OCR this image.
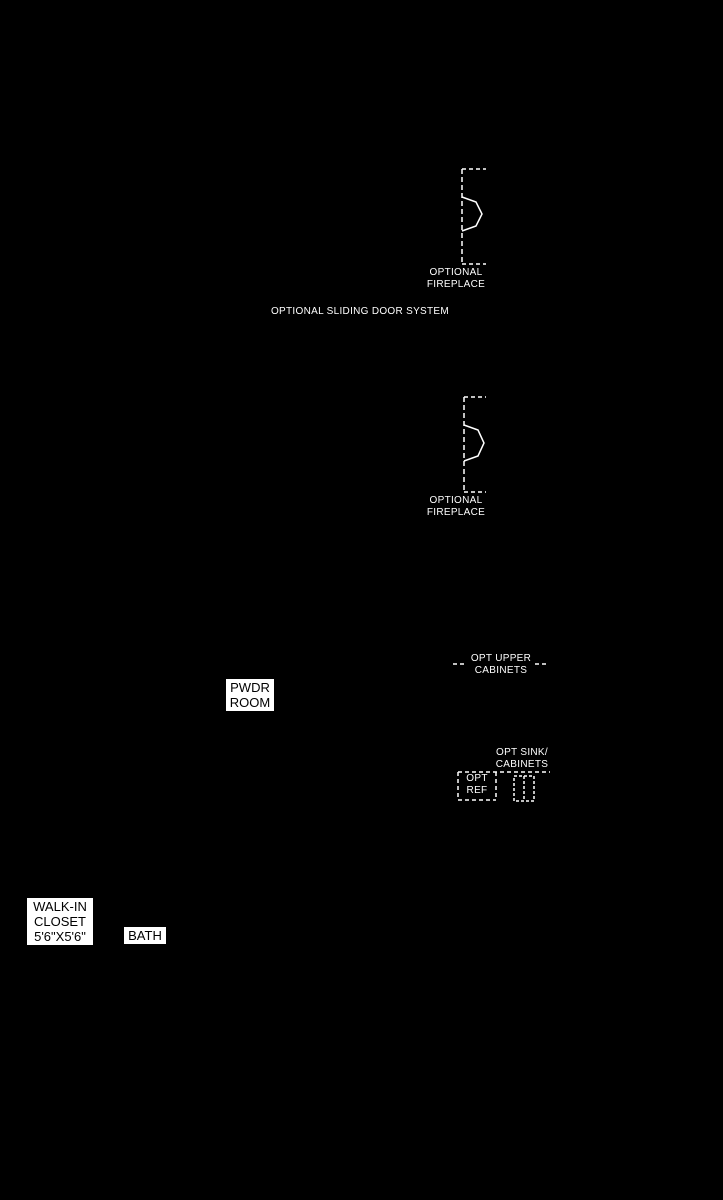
OPTIONAL
FIREPLACE
OPTIONAL SLIDING DOOR SYSTEM
OPTIONAL
FIREPLACE
OPT UPPER
CABINETS
OPT SINK/
CABINETS
OPT
REF
PWDR
ROOM
WALK-IN
CLOSET
5'6"X5'6"	BATH
